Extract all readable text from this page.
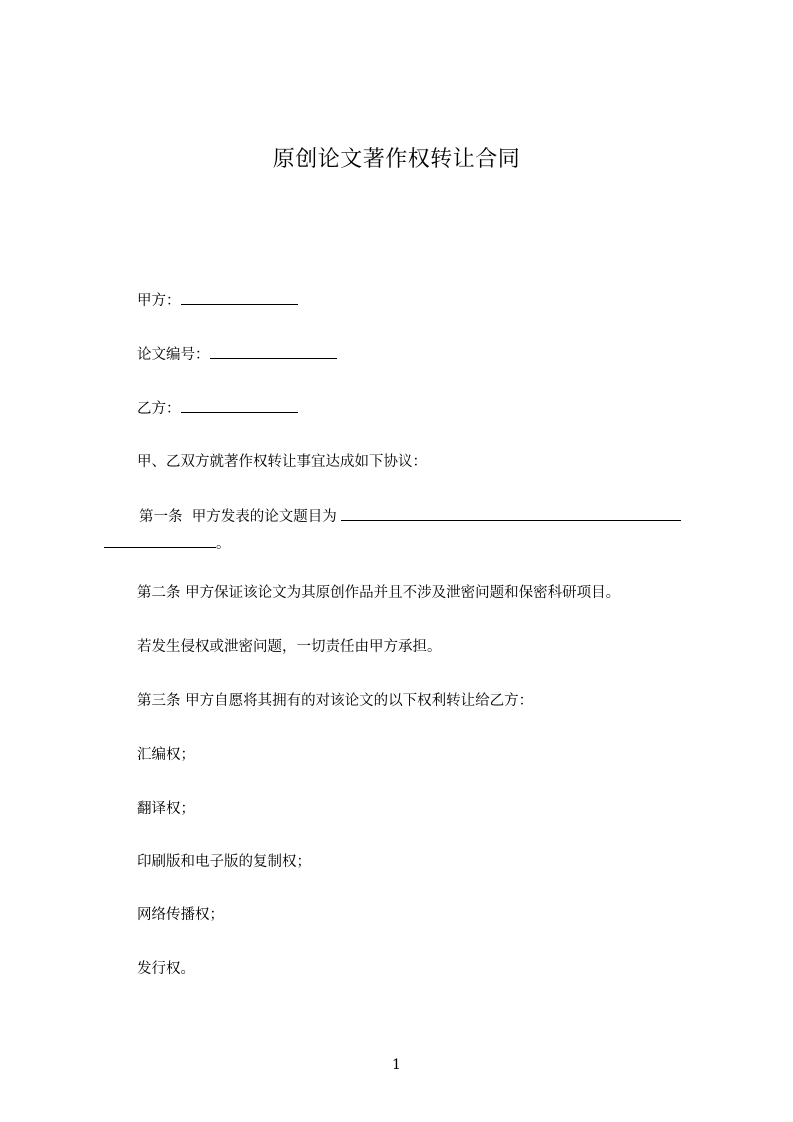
原创论文著作权转让合同
甲方：
论文编号：
乙方：
甲、乙双方就著作权转让事宜达成如下协议：
第一条 甲方发表的论文题目为
。
第二条 甲方保证该论文为其原创作品并且不涉及泄密问题和保密科研项目。
若发生侵权或泄密问题，一切责任由甲方承担。
第三条 甲方自愿将其拥有的对该论文的以下权利转让给乙方：
汇编权；
翻译权；
印刷版和电子版的复制权；
网络传播权；
发行权。
1
